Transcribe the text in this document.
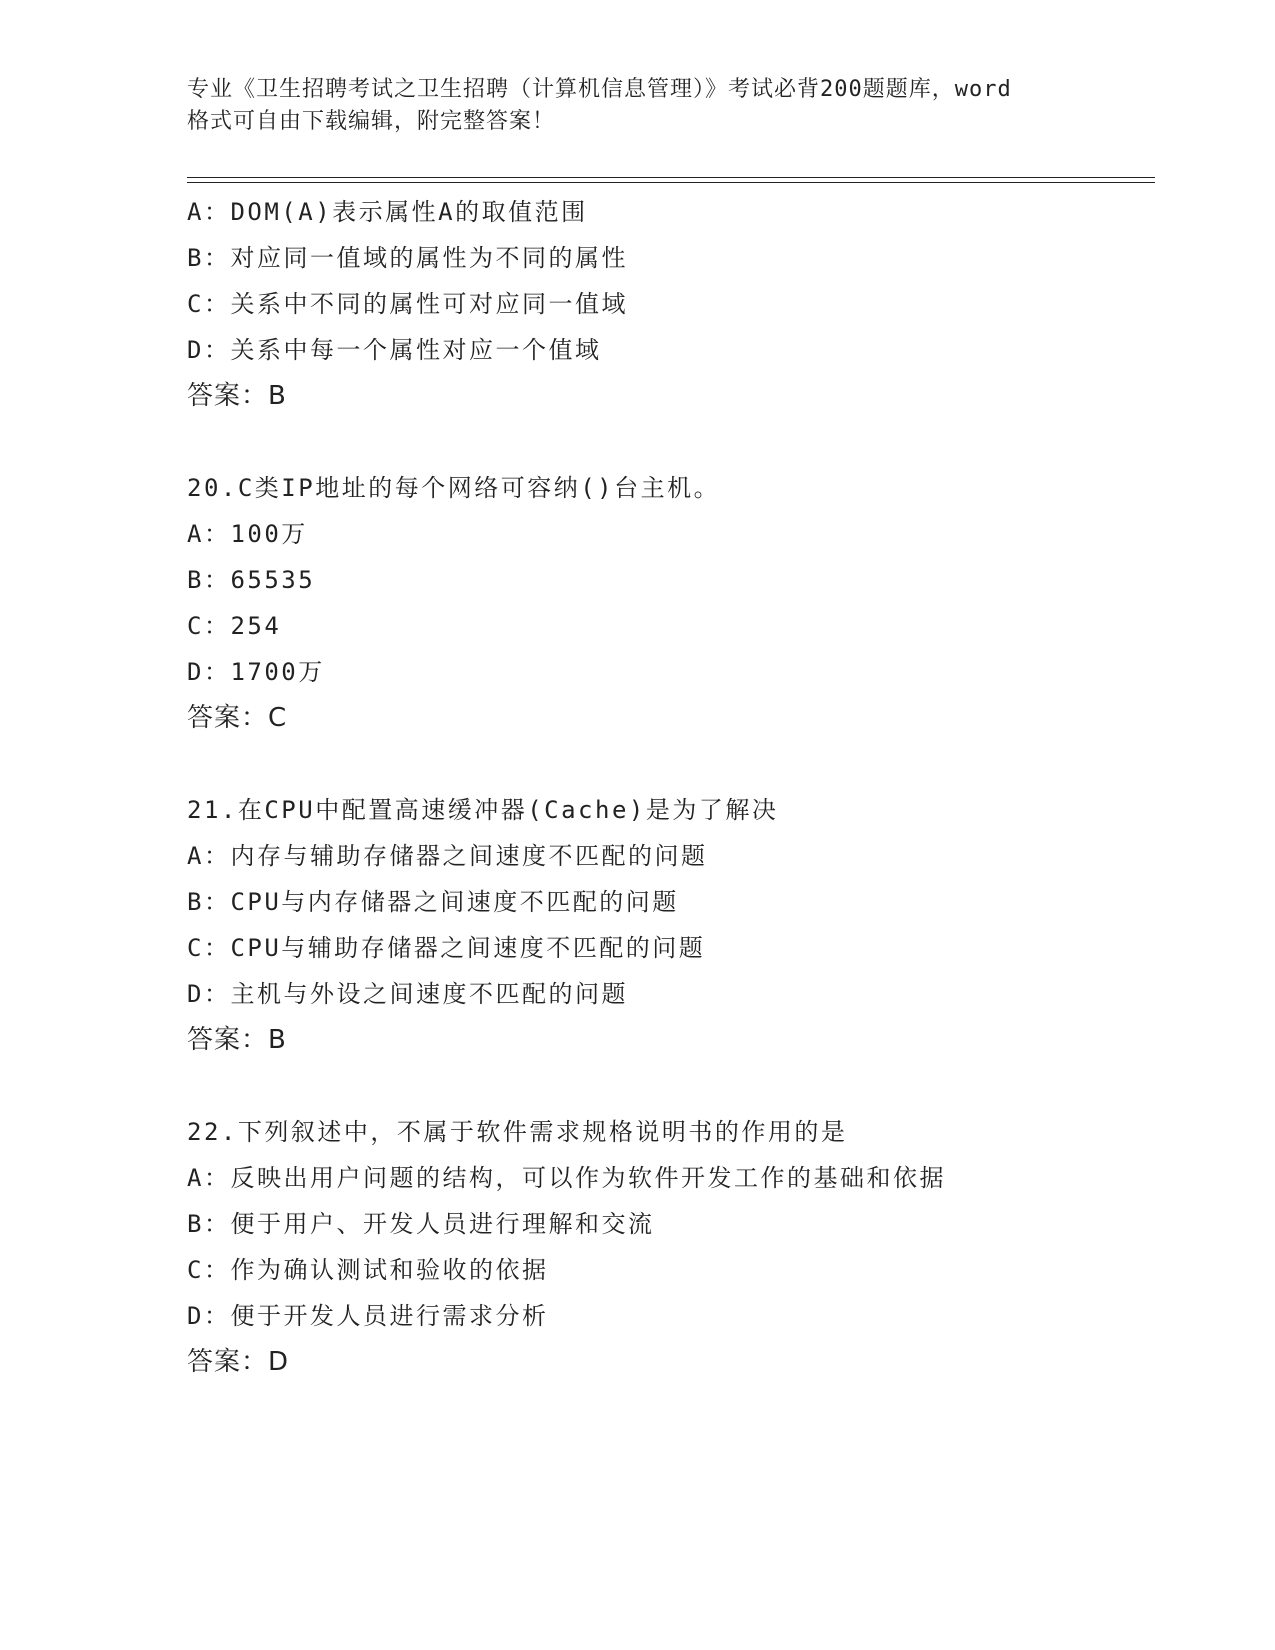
专业《卫生招聘考试之卫生招聘（计算机信息管理）》考试必背200题题库，word
格式可自由下载编辑，附完整答案！
A：DOM(A)表示属性A的取值范围
B：对应同一值域的属性为不同的属性
C：关系中不同的属性可对应同一值域
D：关系中每一个属性对应一个值域
答案：B
20.C类IP地址的每个网络可容纳()台主机。
A：100万
B：65535
C：254
D：1700万
答案：C
21.在CPU中配置高速缓冲器(Cache)是为了解决
A：内存与辅助存储器之间速度不匹配的问题
B：CPU与内存储器之间速度不匹配的问题
C：CPU与辅助存储器之间速度不匹配的问题
D：主机与外设之间速度不匹配的问题
答案：B
22.下列叙述中，不属于软件需求规格说明书的作用的是
A：反映出用户问题的结构，可以作为软件开发工作的基础和依据
B：便于用户、开发人员进行理解和交流
C：作为确认测试和验收的依据
D：便于开发人员进行需求分析
答案：D
